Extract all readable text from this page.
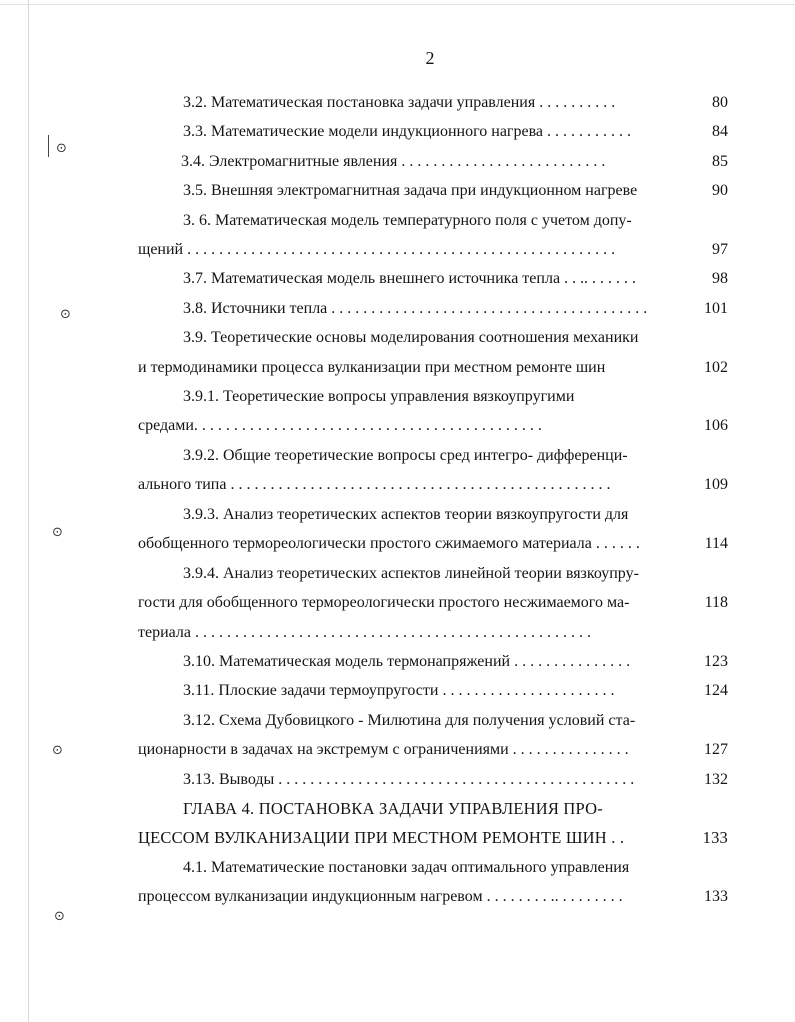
⊙
⊙
⊙
⊙
⊙
2
3.2. Математическая постановка задачи управления . . . . . . . . . .	80
3.3. Математические модели индукционного нагрева . . . . . . . . . . .	84
3.4. Электромагнитные явления . . . . . . . . . . . . . . . . . . . . . . . . . .	85
3.5. Внешняя электромагнитная задача при индукционном нагреве	90
3. 6. Математическая модель температурного поля с учетом допу-
щений . . . . . . . . . . . . . . . . . . . . . . . . . . . . . . . . . . . . . . . . . . . . . . . . . . . . . .	97
3.7. Математическая модель внешнего источника тепла . . .. . . . . . .	98
3.8. Источники тепла . . . . . . . . . . . . . . . . . . . . . . . . . . . . . . . . . . . . . . . .	101
3.9. Теоретические основы моделирования соотношения механики
и термодинамики процесса вулканизации при местном ремонте шин	102
3.9.1. Теоретические вопросы управления вязкоупругими
средами. . . . . . . . . . . . . . . . . . . . . . . . . . . . . . . . . . . . . . . . . . . .	106
3.9.2. Общие теоретические вопросы сред интегро- дифференци-
ального типа . . . . . . . . . . . . . . . . . . . . . . . . . . . . . . . . . . . . . . . . . . . . . . . .	109
3.9.3. Анализ теоретических аспектов теории вязкоупругости для
обобщенного термореологически простого сжимаемого материала . . . . . .	114
3.9.4. Анализ теоретических аспектов линейной теории вязкоупру-
гости для обобщенного термореологически простого несжимаемого ма-	118
териала . . . . . . . . . . . . . . . . . . . . . . . . . . . . . . . . . . . . . . . . . . . . . . . . . .
3.10. Математическая модель термонапряжений . . . . . . . . . . . . . . .	123
3.11. Плоские задачи термоупругости . . . . . . . . . . . . . . . . . . . . . .	124
3.12. Схема Дубовицкого - Милютина для получения условий ста-
ционарности в задачах на экстремум с ограничениями . . . . . . . . . . . . . . .	127
3.13. Выводы . . . . . . . . . . . . . . . . . . . . . . . . . . . . . . . . . . . . . . . . . . . . .	132
ГЛАВА 4. ПОСТАНОВКА ЗАДАЧИ УПРАВЛЕНИЯ ПРО-
ЦЕССОМ ВУЛКАНИЗАЦИИ ПРИ МЕСТНОМ РЕМОНТЕ ШИН . .	133
4.1. Математические постановки задач оптимального управления
процессом вулканизации индукционным нагревом . . . . . . . . .. . . . . . . . .	133
